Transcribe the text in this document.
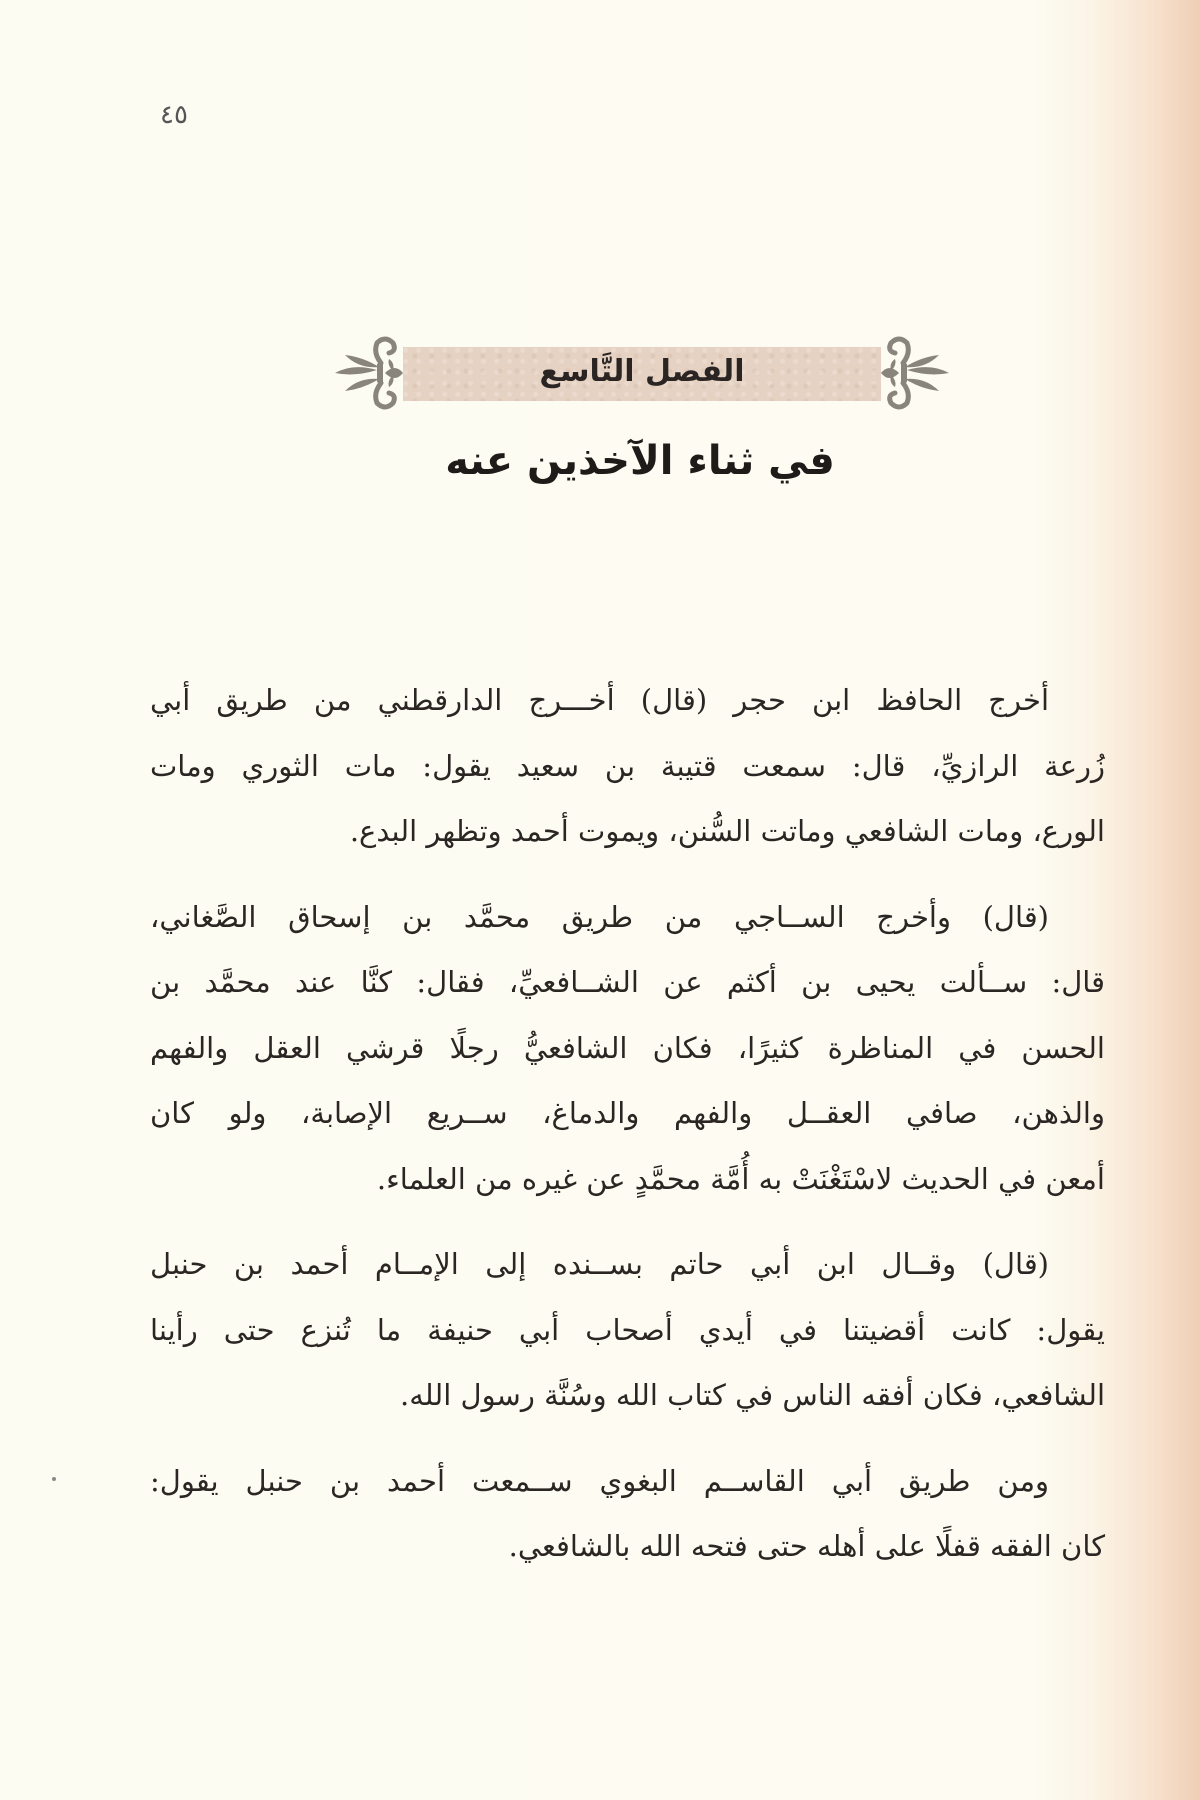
٤٥
الفصل التَّاسع
في ثناء الآخذين عنه

أخرج الحافظ ابن حجر (قال) أخـــرج الدارقطني من طريق أبي
زُرعة الرازيِّ، قال: سمعت قتيبة بن سعيد يقول: مات الثوري ومات
الورع، ومات الشافعي وماتت السُّنن، ويموت أحمد وتظهر البدع.

(قال) وأخرج الســاجي من طريق محمَّد بن إسحاق الصَّغاني،
قال: ســألت يحيى بن أكثم عن الشــافعيِّ، فقال: كنَّا عند محمَّد بن
الحسن في المناظرة كثيرًا، فكان الشافعيُّ رجلًا قرشي العقل والفهم
والذهن، صافي العقــل والفهم والدماغ، ســريع الإصابة، ولو كان
أمعن في الحديث لاسْتَغْنَتْ به أُمَّة محمَّدٍ عن غيره من العلماء.

(قال) وقــال ابن أبي حاتم بســنده إلى الإمــام أحمد بن حنبل
يقول: كانت أقضيتنا في أيدي أصحاب أبي حنيفة ما تُنزع حتى رأينا
الشافعي، فكان أفقه الناس في كتاب الله وسُنَّة رسول الله.

ومن طريق أبي القاســم البغوي ســمعت أحمد بن حنبل يقول:
كان الفقه قفلًا على أهله حتى فتحه الله بالشافعي.
